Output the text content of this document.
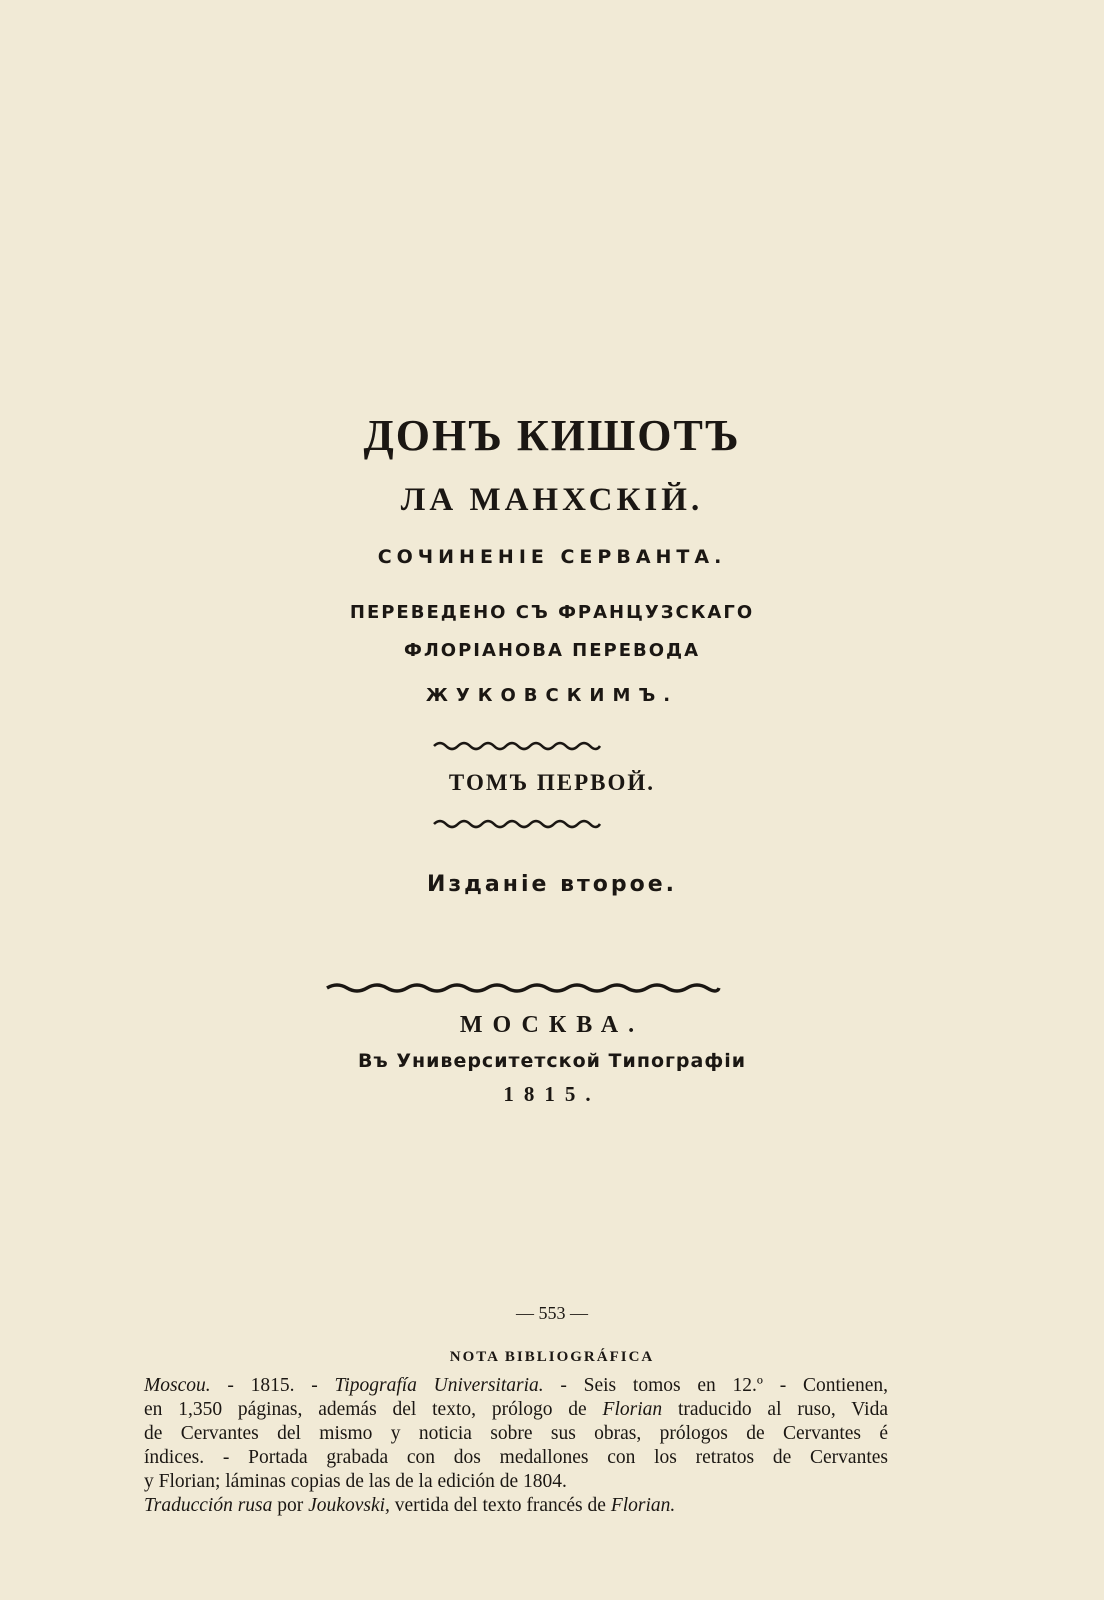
ДОНЪ КИШОТЪ
ЛА МАНХСКІЙ.
СОЧИНЕНІЕ СЕРВАНТА.
ПЕРЕВЕДЕНО СЪ ФРАНЦУЗСКАГО
ФЛОРІАНОВА ПЕРЕВОДА
ЖУКОВСКИМЪ.
ТОМЪ ПЕРВОЙ.
Изданіе второе.
МОСКВА.
Въ Университетской Типографіи
1815.
— 553 —
NOTA BIBLIOGRÁFICA
Moscou. - 1815. - Tipografía Universitaria. - Seis tomos en 12.º - Contienen,
en 1,350 páginas, además del texto, prólogo de Florian traducido al ruso, Vida
de Cervantes del mismo y noticia sobre sus obras, prólogos de Cervantes é
índices. - Portada grabada con dos medallones con los retratos de Cervantes
y Florian; láminas copias de las de la edición de 1804.
Traducción rusa por Joukovski, vertida del texto francés de Florian.
